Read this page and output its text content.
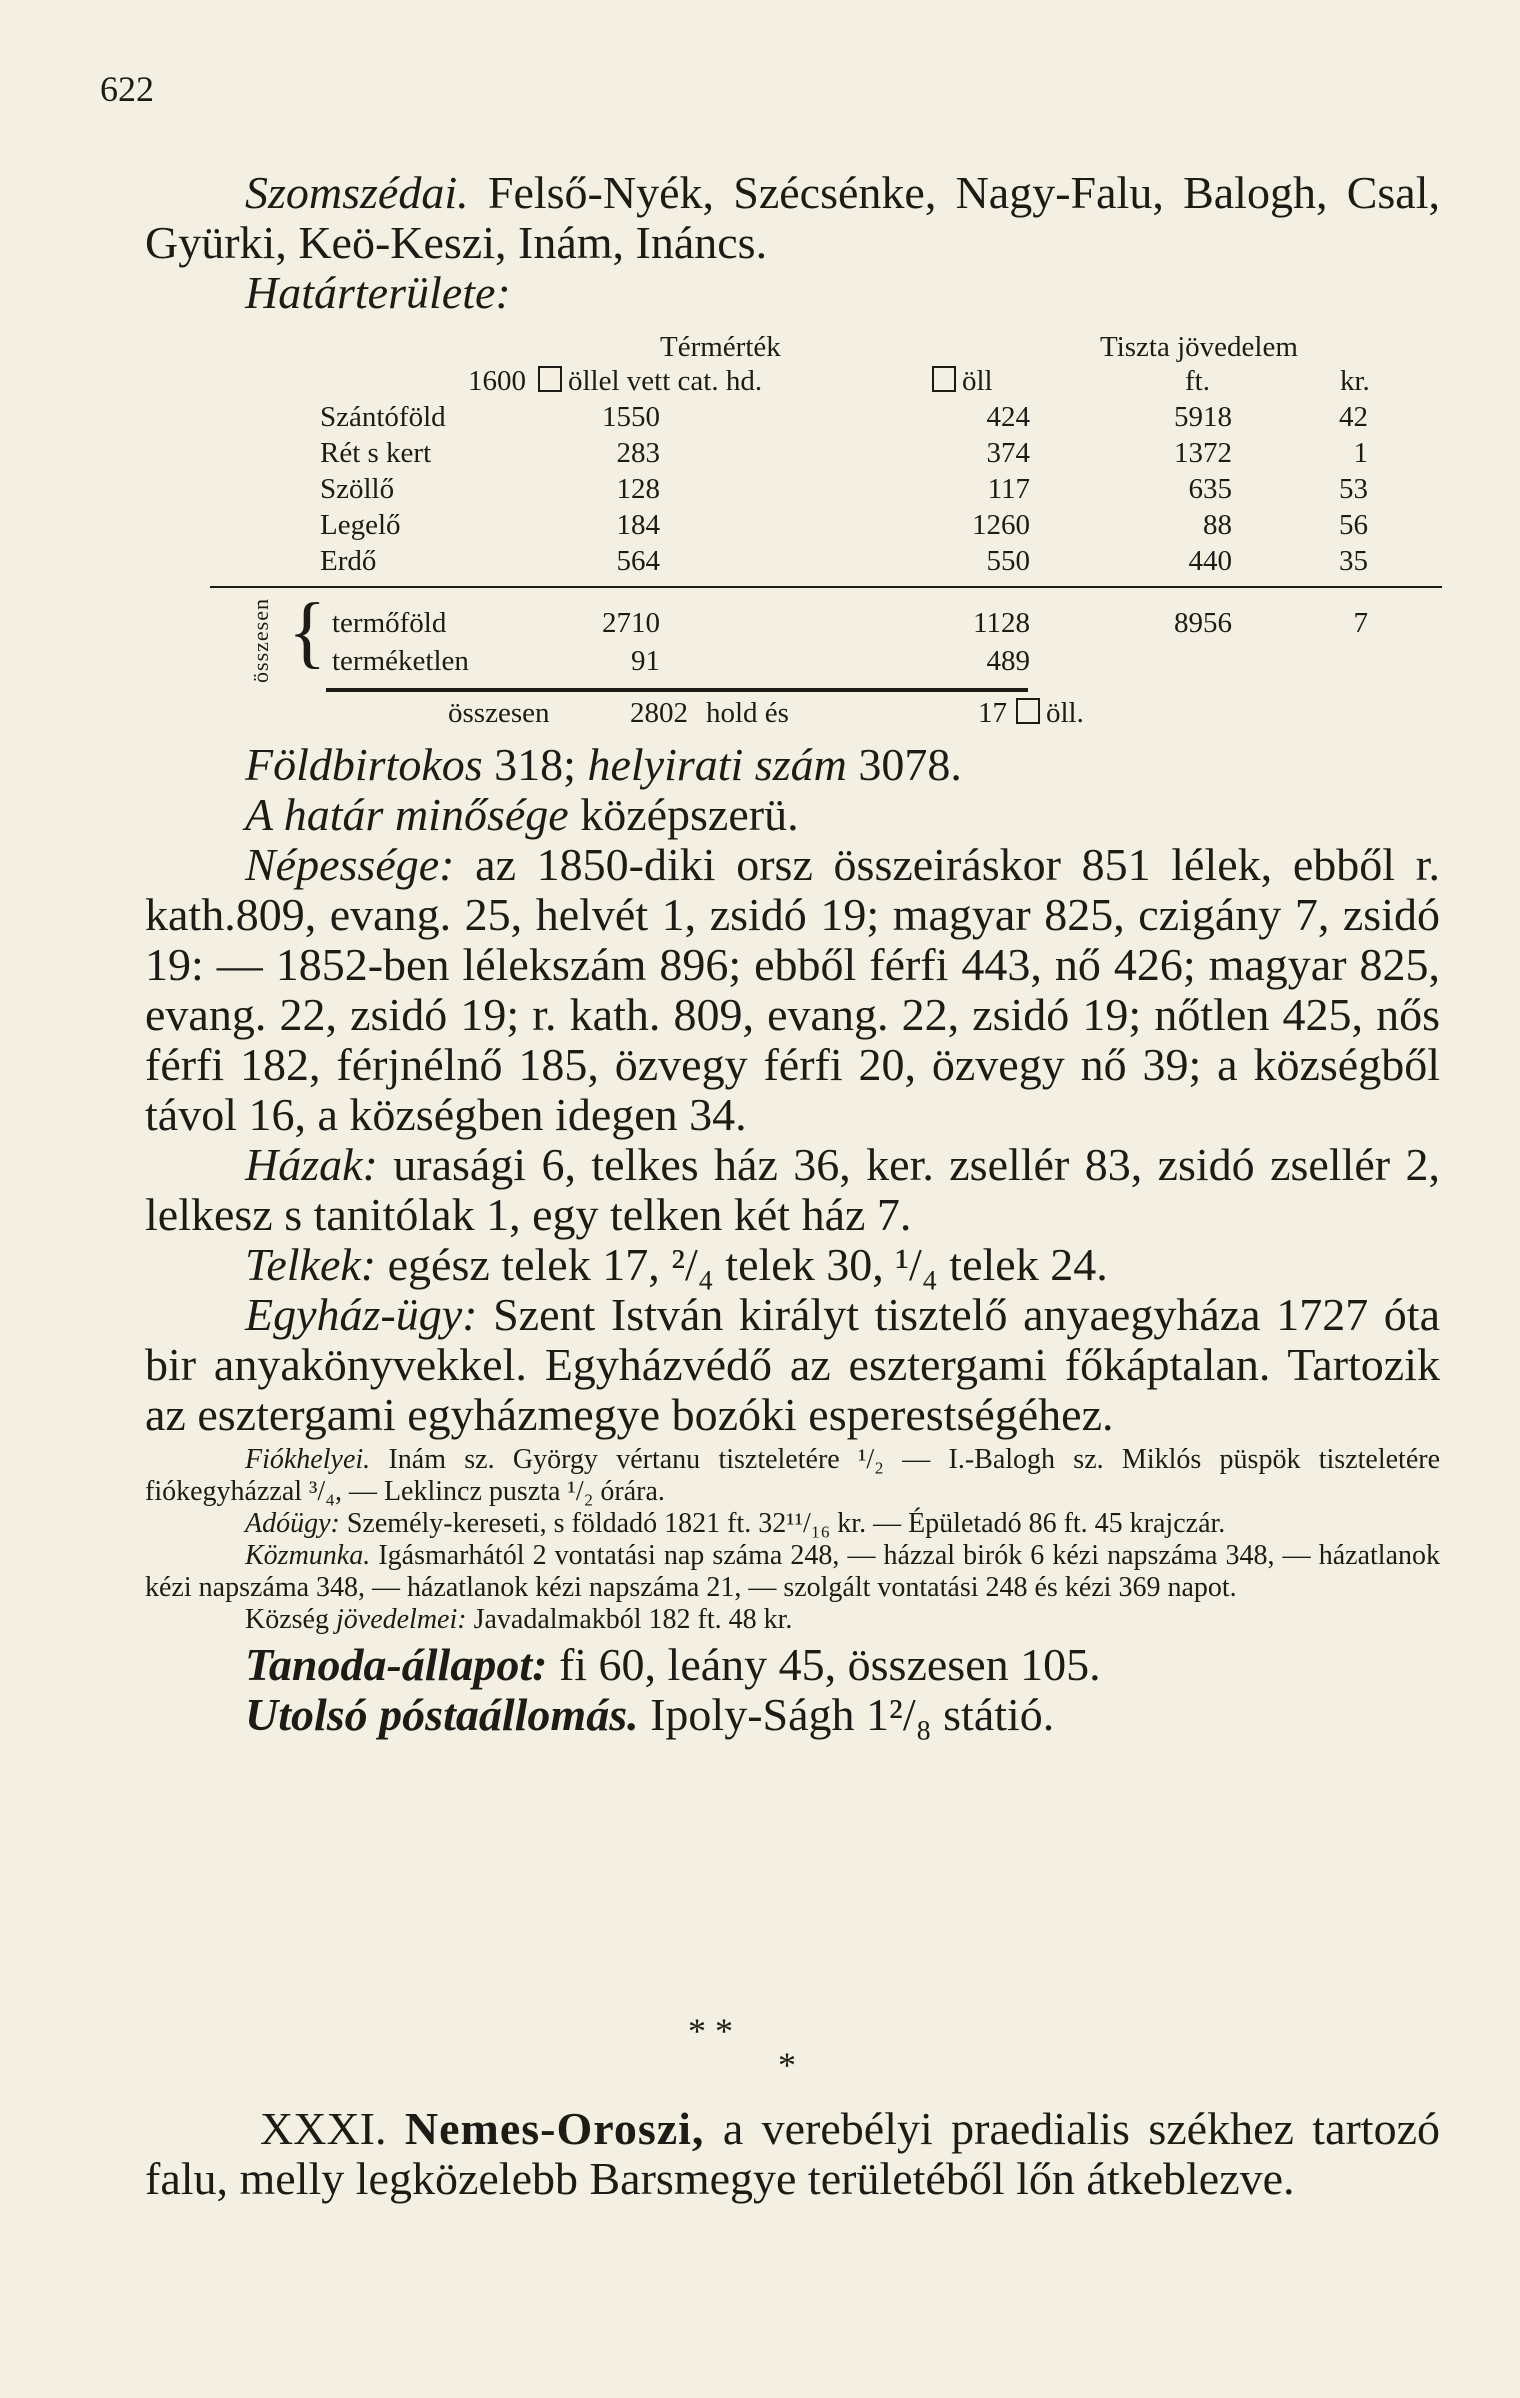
622

Szomszédai. Felső-Nyék, Szécsénke, Nagy-Falu, Balogh, Csal, Gyürki, Keö-Keszi, Inám, Ináncs.

Határterülete:

Térmérték	Tiszta jövedelem
1600 öllel vett cat. hd.	öll	ft.	kr.
Szántóföld	1550	424	5918	42
Rét s kert	283	374	1372	1
Szöllő	128	117	635	53
Legelő	184	1260	88	56
Erdő	564	550	440	35
összesen { termőföld	2710	1128	8956	7
terméketlen	91	489
összesen	2802 hold és	17 öll.

Földbirtokos 318; helyirati szám 3078.

A határ minősége középszerü.

Népessége: az 1850-diki orsz összeiráskor 851 lélek, ebből r. kath.809, evang. 25, helvét 1, zsidó 19; magyar 825, czigány 7, zsidó 19: — 1852-ben lélekszám 896; ebből férfi 443, nő 426; magyar 825, evang. 22, zsidó 19; r. kath. 809, evang. 22, zsidó 19; nőtlen 425, nős férfi 182, férjnélnő 185, özvegy férfi 20, özvegy nő 39; a községből távol 16, a községben idegen 34.

Házak: urasági 6, telkes ház 36, ker. zsellér 83, zsidó zsellér 2, lelkesz s tanitólak 1, egy telken két ház 7.

Telkek: egész telek 17, ²/₄ telek 30, ¹/₄ telek 24.

Egyház-ügy: Szent István királyt tisztelő anyaegyháza 1727 óta bir anyakönyvekkel. Egyházvédő az esztergami főkáptalan. Tartozik az esztergami egyházmegye bozóki esperestségéhez.

Fiókhelyei. Inám sz. György vértanu tiszteletére ¹/₂ — I.-Balogh sz. Miklós püspök tiszteletére fiókegyházzal ³/₄, — Leklincz puszta ¹/₂ órára.

Adóügy: Személy-kereseti, s földadó 1821 ft. 32¹¹/₁₆ kr. — Épületadó 86 ft. 45 krajczár.

Közmunka. Igásmarhától 2 vontatási nap száma 248, — házzal birók 6 kézi napszáma 348, — házatlanok kézi napszáma 348, — házatlanok kézi napszáma 21, — szolgált vontatási 248 és kézi 369 napot.

Község jövedelmei: Javadalmakból 182 ft. 48 kr.

Tanoda-állapot: fi 60, leány 45, összesen 105.

Utolsó póstaállomás. Ipoly-Ságh 1²/₈ státió.

* *
*

XXXI. Nemes-Oroszi, a verebélyi praedialis székhez tartozó falu, melly legközelebb Barsmegye területéből lőn átkeblezve.
